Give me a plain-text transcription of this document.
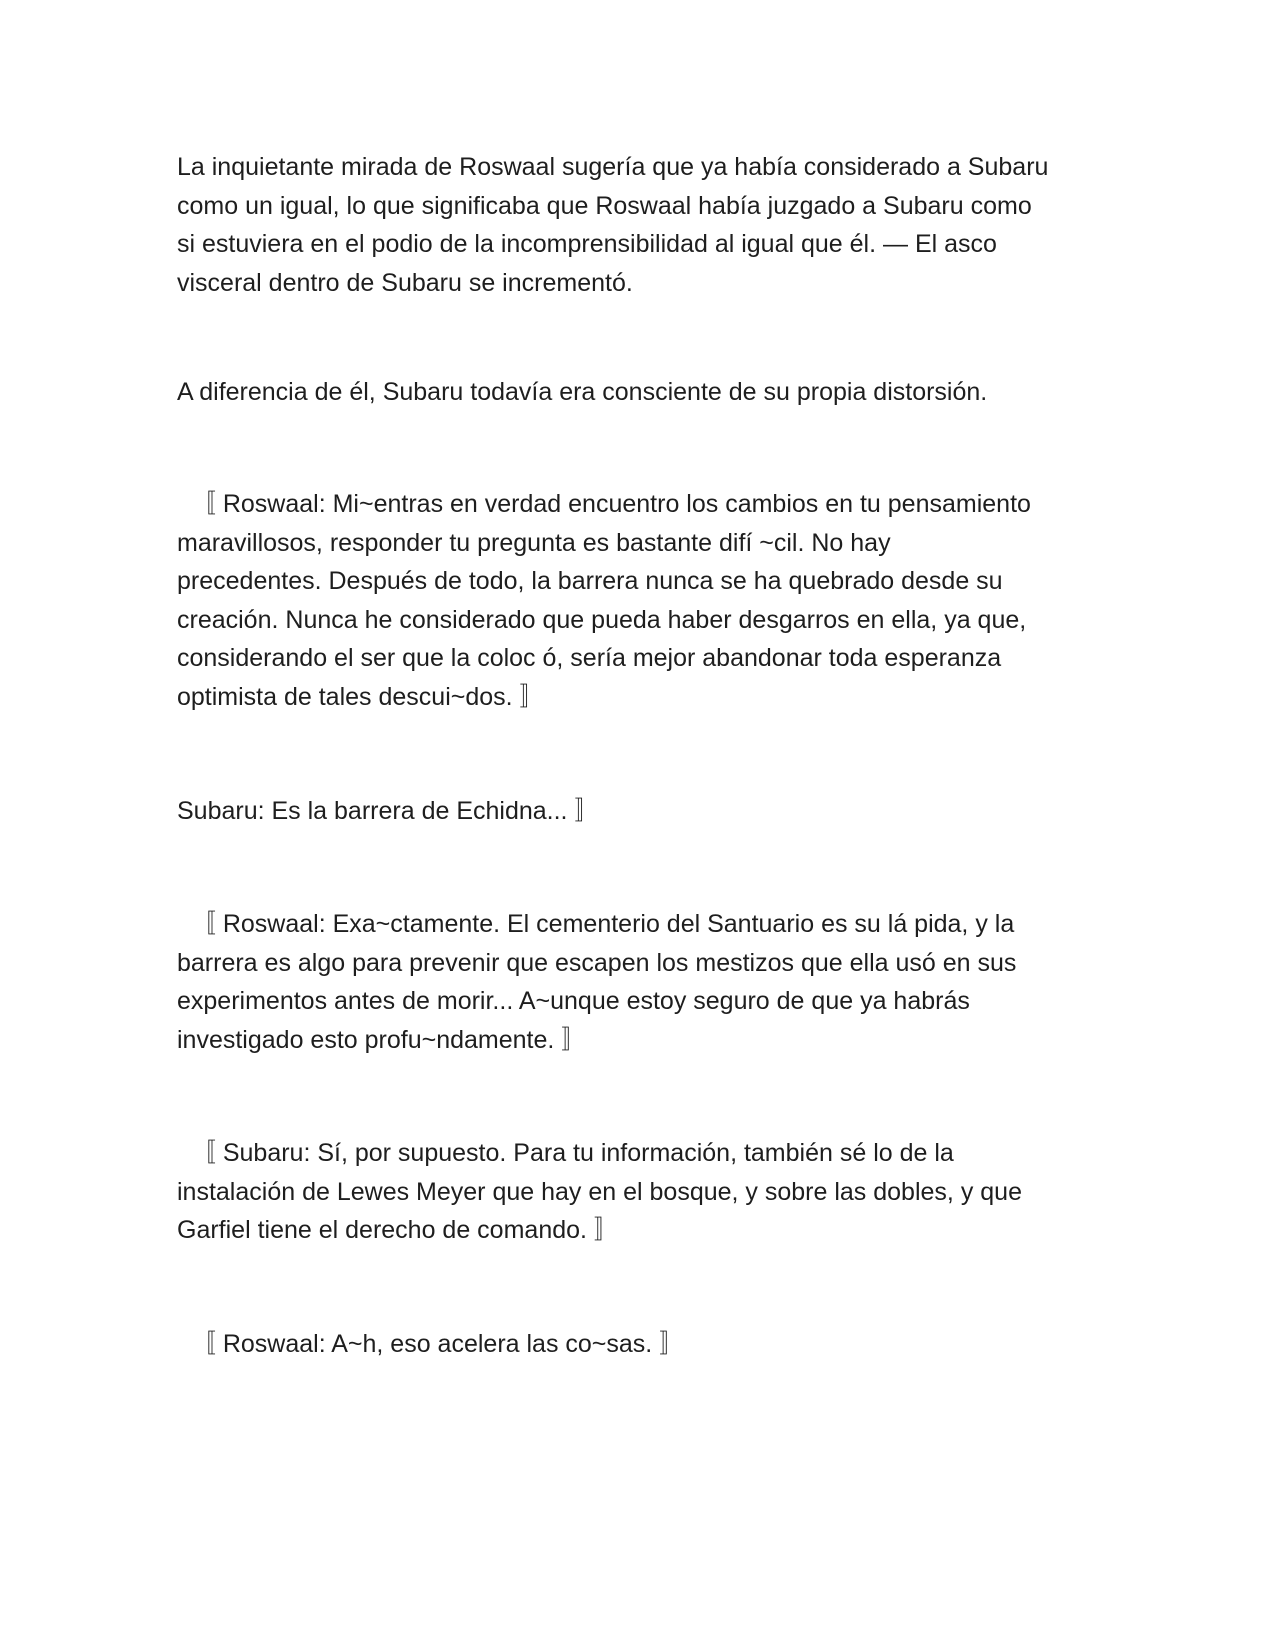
La inquietante mirada de Roswaal sugería que ya había considerado a Subaru
como un igual, lo que significaba que Roswaal había juzgado a Subaru como
si estuviera en el podio de la incomprensibilidad al igual que él. — El asco
visceral dentro de Subaru se incrementó.

A diferencia de él, Subaru todavía era consciente de su propia distorsión.

〚 Roswaal: Mi~entras en verdad encuentro los cambios en tu pensamiento
maravillosos, responder tu pregunta es bastante difí ~cil. No hay
precedentes. Después de todo, la barrera nunca se ha quebrado desde su
creación. Nunca he considerado que pueda haber desgarros en ella, ya que,
considerando el ser que la coloc ó, sería mejor abandonar toda esperanza
optimista de tales descui~dos. 〛

Subaru: Es la barrera de Echidna... 〛

〚 Roswaal: Exa~ctamente. El cementerio del Santuario es su lá pida, y la
barrera es algo para prevenir que escapen los mestizos que ella usó en sus
experimentos antes de morir... A~unque estoy seguro de que ya habrás
investigado esto profu~ndamente. 〛

〚 Subaru: Sí, por supuesto. Para tu información, también sé lo de la
instalación de Lewes Meyer que hay en el bosque, y sobre las dobles, y que
Garfiel tiene el derecho de comando. 〛

〚 Roswaal: A~h, eso acelera las co~sas. 〛
